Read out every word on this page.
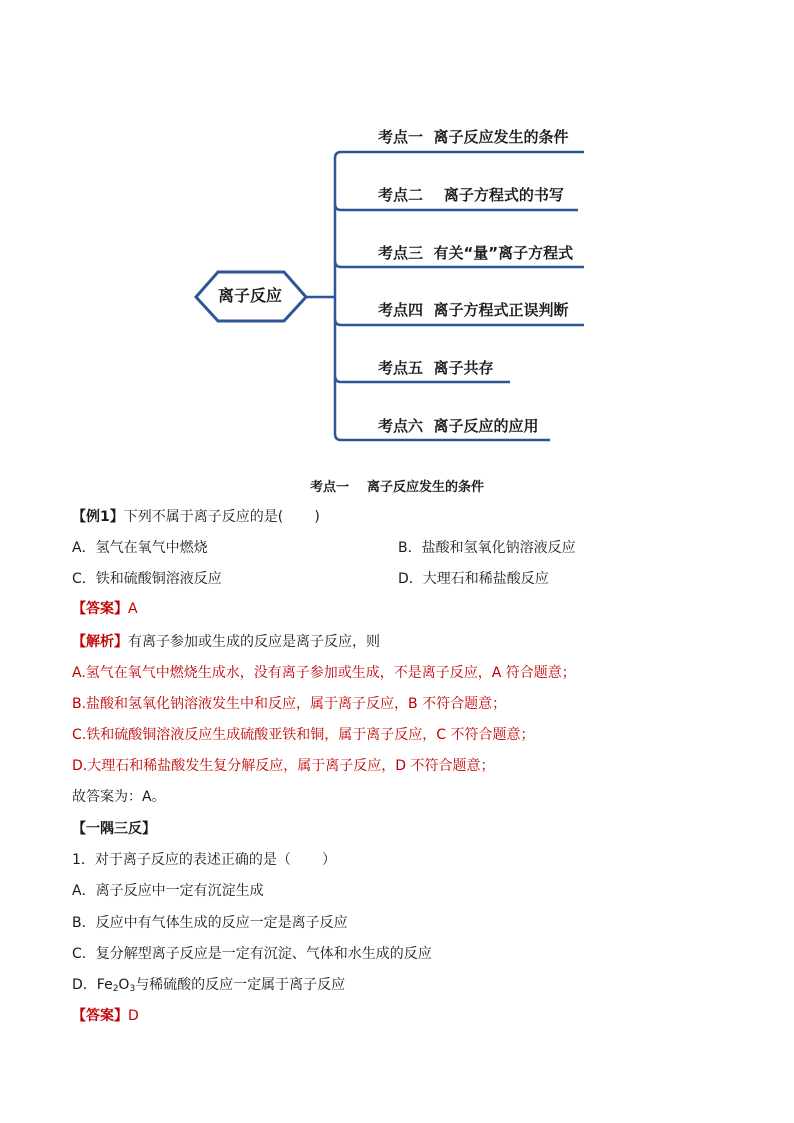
离子反应
考点一  离子反应发生的条件
考点二    离子方程式的书写
考点三  有关“量”离子方程式
考点四  离子方程式正误判断
考点五  离子共存
考点六  离子反应的应用
考点一    离子反应发生的条件
【例1】下列不属于离子反应的是(       )
A．氢气在氧气中燃烧	B．盐酸和氢氧化钠溶液反应
C．铁和硫酸铜溶液反应	D．大理石和稀盐酸反应
【答案】A
【解析】有离子参加或生成的反应是离子反应，则
A.氢气在氧气中燃烧生成水，没有离子参加或生成，不是离子反应，A 符合题意；
B.盐酸和氢氧化钠溶液发生中和反应，属于离子反应，B 不符合题意；
C.铁和硫酸铜溶液反应生成硫酸亚铁和铜，属于离子反应，C 不符合题意；
D.大理石和稀盐酸发生复分解反应，属于离子反应，D 不符合题意；
故答案为：A。
【一隅三反】
1．对于离子反应的表述正确的是（       ）
A．离子反应中一定有沉淀生成
B．反应中有气体生成的反应一定是离子反应
C．复分解型离子反应是一定有沉淀、气体和水生成的反应
D．$Fe_2O_3$与稀硫酸的反应一定属于离子反应
【答案】D
